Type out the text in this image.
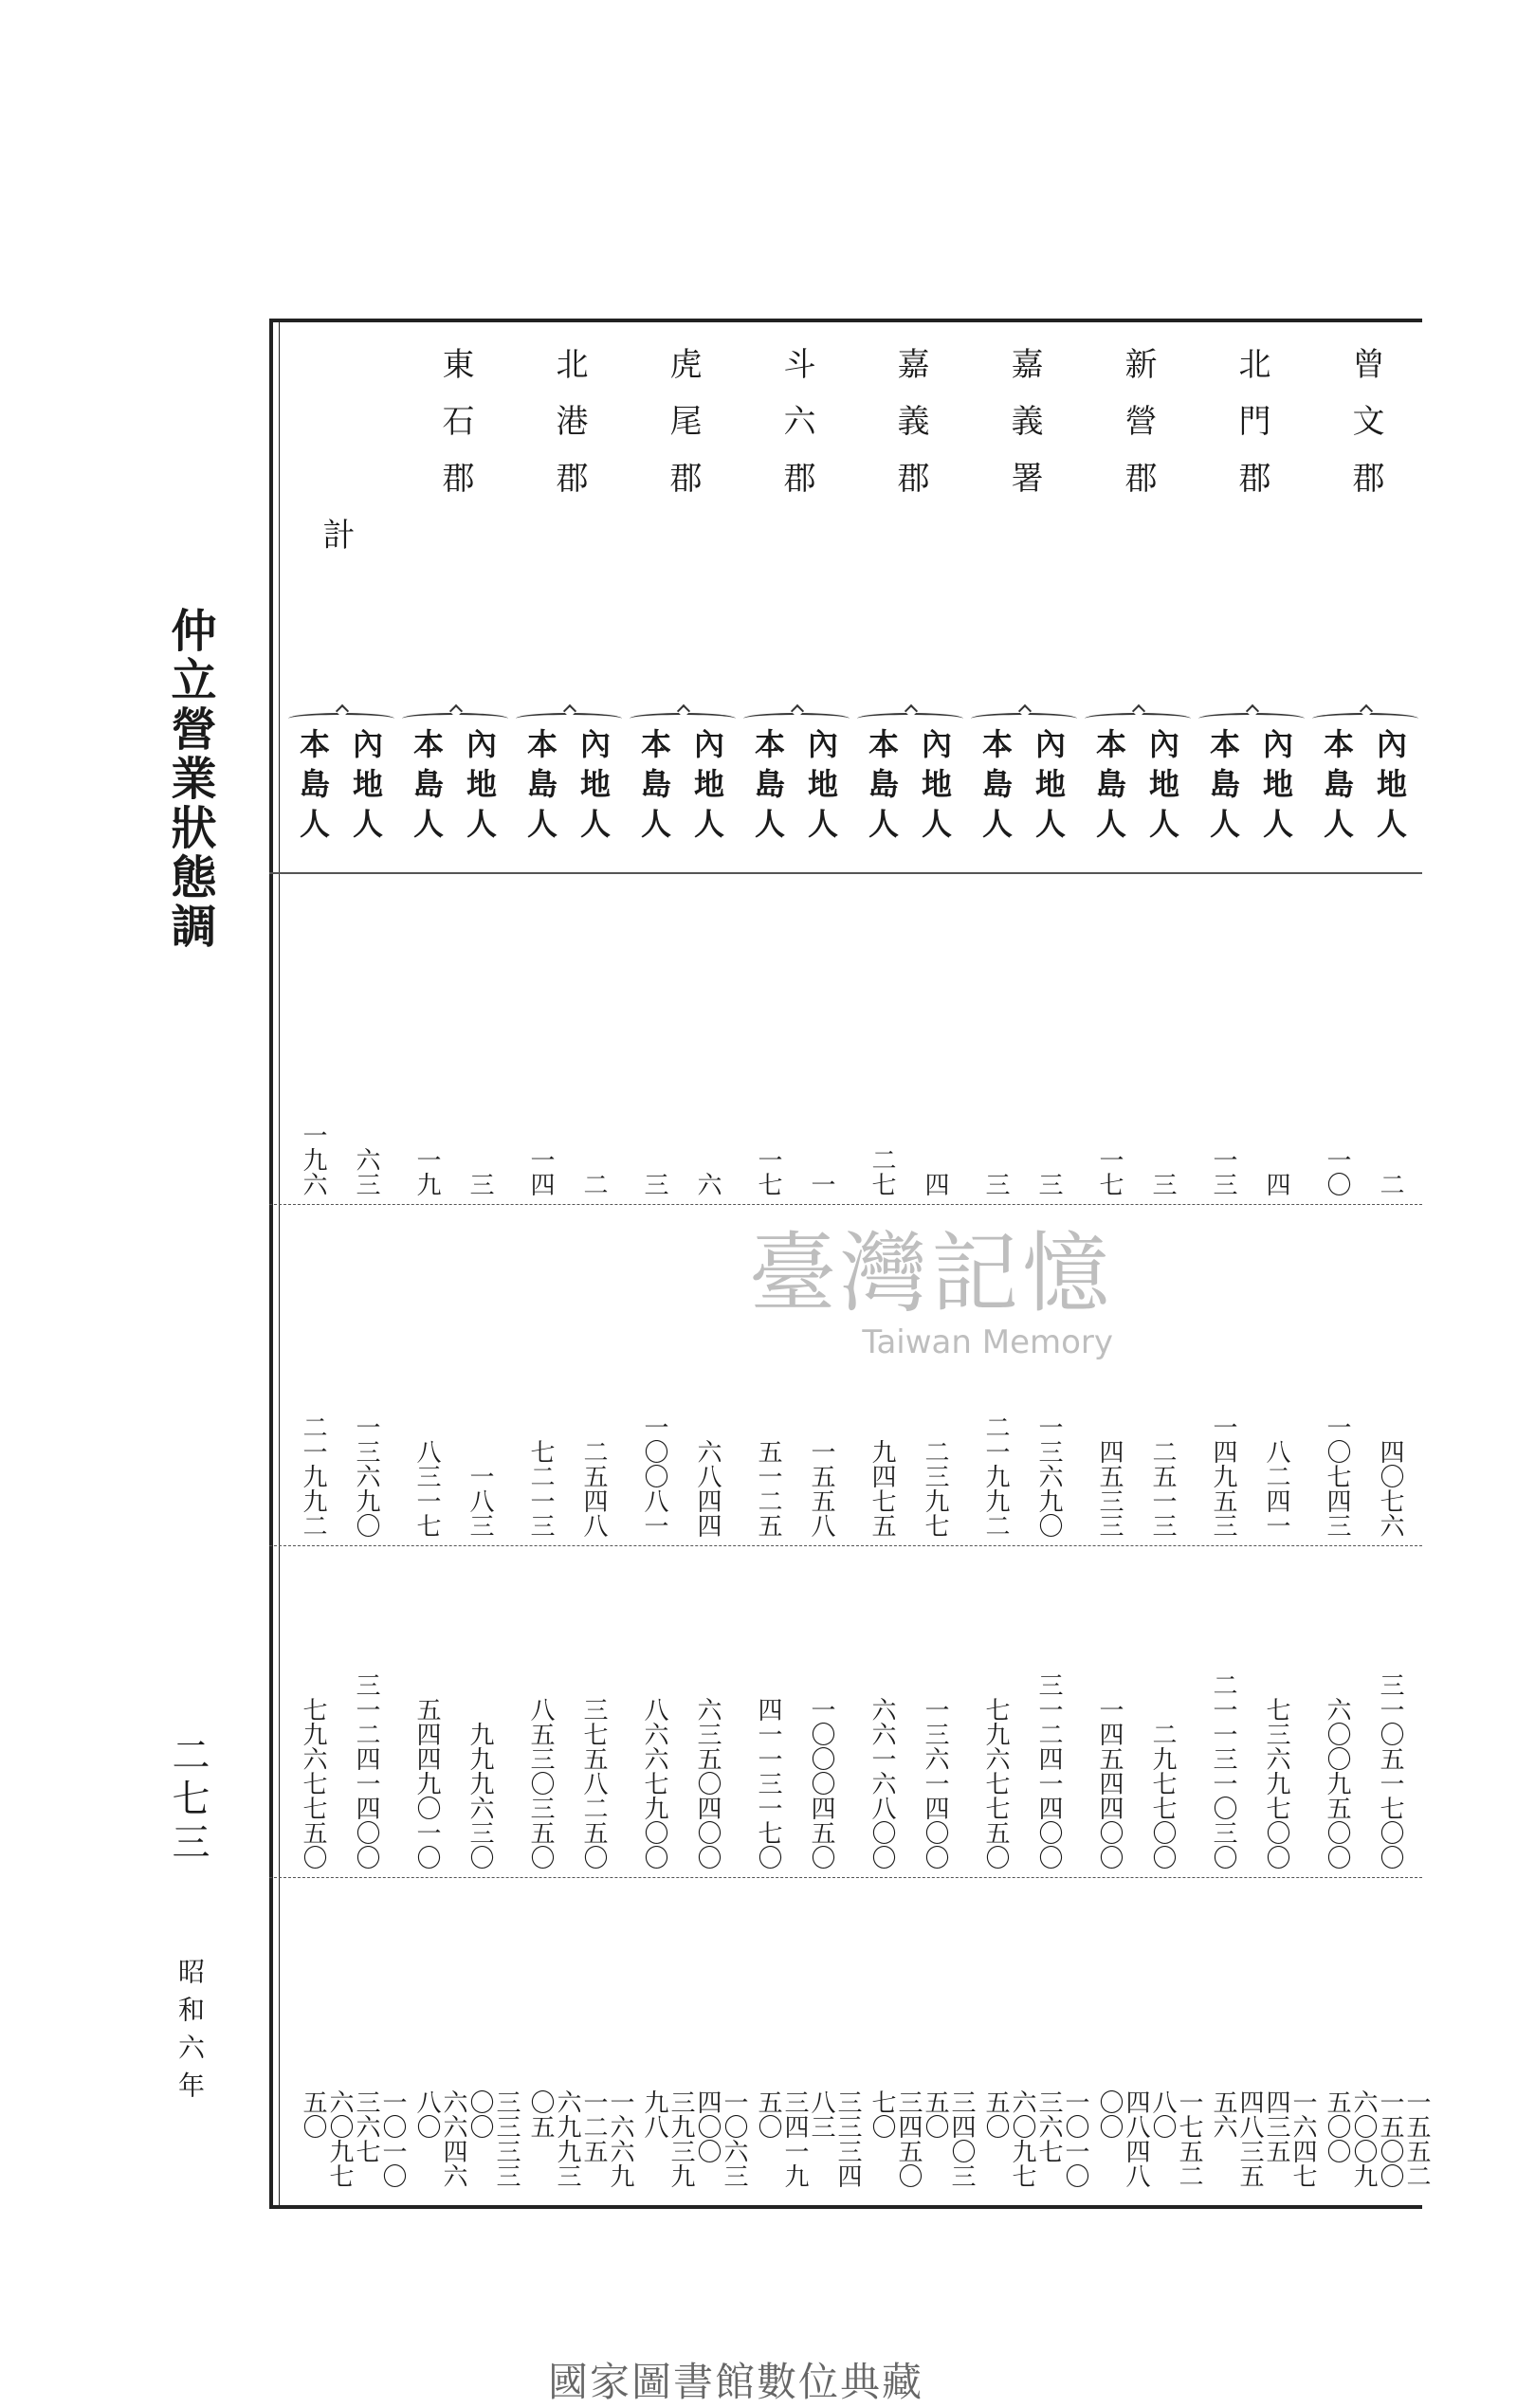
仲立營業狀態調
二七三
昭和六年
曾文郡
北門郡
新營郡
嘉義署
嘉義郡
斗六郡
虎尾郡
北港郡
東石郡
計
內地人
本島人
內地人
本島人
內地人
本島人
內地人
本島人
內地人
本島人
內地人
本島人
內地人
本島人
內地人
本島人
內地人
本島人
內地人
本島人
二
四〇七六
三一〇五一七〇〇
一五五二一五〇〇
一〇
一〇七四三
六〇〇九五〇〇
六〇〇九五〇〇
四
八二四一
七三六九七〇〇
一六四七四三五
一三
一四九五三
二一一三一〇三〇
四八三五五六
三
二五一三
二九七七〇〇
一七五二八〇
一七
四五三三
一四五四四〇〇
四八四八〇〇
三
一三六九〇
三一二四一四〇〇
一〇一〇三六七
三
二一九九二
七九六七七五〇
六〇九七五〇
四
二三九七
一三六一四〇〇
三四〇三五〇
二七
九四七五
六六一六八〇〇
三四五〇七〇
一
一五五八
一〇〇〇四五〇
三三三四八三
一七
五一二五
四一一三一七〇
三四一九五〇
六
六八四四
六三五〇四〇〇
一〇六三四〇〇
三
一〇〇八一
八六六七九〇〇
三九三九九八
二
二五四八
三七五八二五〇
一六六九一二五
一四
七二一三
八五三〇三五〇
六九九三〇五
三
一八三
九九九六三〇
三三三三〇〇
一九
八三一七
五四四九〇一〇
六六四六八〇
六三
一三六九〇
三一二四一四〇〇
一〇一〇三六七
一九六
二一九九二
七九六七七五〇
六〇九七五〇
臺灣記憶
Taiwan Memory
國家圖書館數位典藏
